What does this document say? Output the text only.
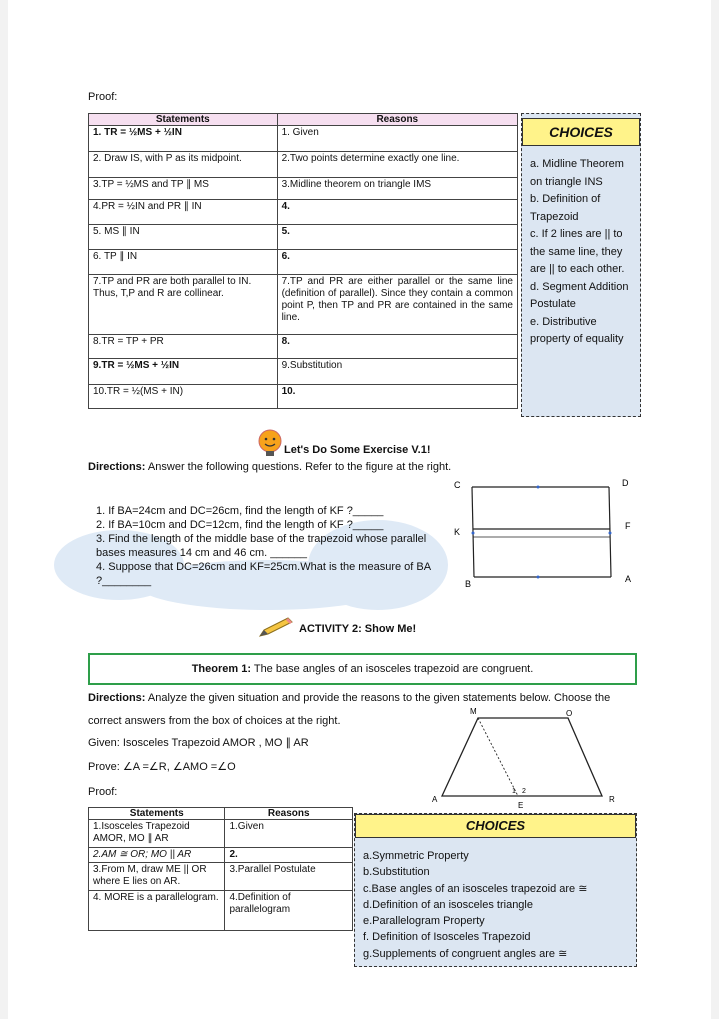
Proof:
Statements	Reasons
1. TR = ½MS + ½IN	1. Given
2. Draw IS, with P as its midpoint.	2.Two points determine exactly one line.
3.TP = ½MS and TP ∥ MS	3.Midline theorem on triangle IMS
4.PR = ½IN and PR ∥ IN	4.
5. MS ∥ IN	5.
6. TP ∥ IN	6.
7.TP and PR are both parallel to IN. Thus, T,P and R are collinear.	7.TP and PR are either parallel or the same line (definition of parallel). Since they contain a common point P, then TP and PR are contained in the same line.
8.TR = TP + PR	8.
9.TR = ½MS + ½IN	9.Substitution
10.TR = ½(MS + IN)	10.
CHOICES
a. Midline Theorem on triangle INS
b. Definition of Trapezoid
c. If 2 lines are || to the same line, they are || to each other.
d. Segment Addition Postulate
e. Distributive property of equality
Let's Do Some Exercise V.1!
Directions: Answer the following questions. Refer to the figure at the right.
1. If BA=24cm and DC=26cm, find the length of KF ?_____
2. If BA=10cm and DC=12cm, find the length of KF ?_____
3. Find the length of the middle base of the trapezoid whose parallel bases measures 14 cm and 46 cm. ______
4. Suppose that DC=26cm and KF=25cm.What is the measure of BA ?________
C	D
K
F
B	A
ACTIVITY 2: Show Me!
Theorem 1: The base angles of an isosceles trapezoid are congruent.
Directions: Analyze the given situation and provide the reasons to the given statements below. Choose the correct answers from the box of choices at the right.
Given: Isosceles Trapezoid AMOR , MO ∥ AR
Prove: ∠A =∠R, ∠AMO =∠O
Proof:
M	O
A	R
E
1 2
Statements	Reasons
1.Isosceles Trapezoid AMOR, MO ∥ AR	1.Given
2.AM ≅ OR; MO || AR	2.
3.From M, draw ME || OR where E lies on AR.	3.Parallel Postulate
4. MORE is a parallelogram.	4.Definition of parallelogram
CHOICES
a.Symmetric Property
b.Substitution
c.Base angles of an isosceles trapezoid are ≅
d.Definition of an isosceles triangle
e.Parallelogram Property
f. Definition of Isosceles Trapezoid
g.Supplements of congruent angles are ≅
